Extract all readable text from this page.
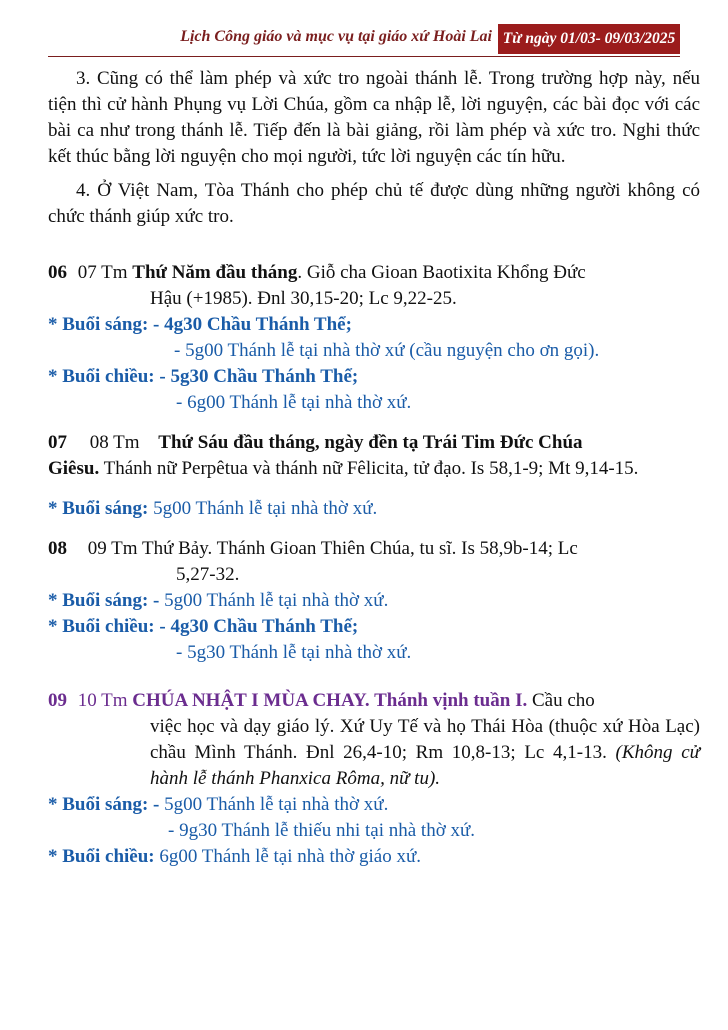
Lịch Công giáo và mục vụ tại giáo xứ Hoài Lai Từ ngày 01/03- 09/03/2025

3. Cũng có thể làm phép và xức tro ngoài thánh lễ. Trong trường hợp này, nếu tiện thì cử hành Phụng vụ Lời Chúa, gồm ca nhập lễ, lời nguyện, các bài đọc với các bài ca như trong thánh lễ. Tiếp đến là bài giảng, rồi làm phép và xức tro. Nghi thức kết thúc bằng lời nguyện cho mọi người, tức lời nguyện các tín hữu.

4. Ở Việt Nam, Tòa Thánh cho phép chủ tế được dùng những người không có chức thánh giúp xức tro.

06 07 Tm Thứ Năm đầu tháng. Giỗ cha Gioan Baotixita Khổng Đức

Hậu (+1985). Đnl 30,15-20; Lc 9,22-25.

* Buổi sáng: - 4g30 Chầu Thánh Thể;

- 5g00 Thánh lễ tại nhà thờ xứ (cầu nguyện cho ơn gọi).

* Buổi chiều: - 5g30 Chầu Thánh Thể;

- 6g00 Thánh lễ tại nhà thờ xứ.

07 08 Tm Thứ Sáu đầu tháng, ngày đền tạ Trái Tim Đức Chúa

Giêsu. Thánh nữ Perpêtua và thánh nữ Fêlicita, tử đạo. Is 58,1-9; Mt 9,14-15.

* Buổi sáng: 5g00 Thánh lễ tại nhà thờ xứ.

08 09 Tm Thứ Bảy. Thánh Gioan Thiên Chúa, tu sĩ. Is 58,9b-14; Lc

5,27-32.

* Buổi sáng: - 5g00 Thánh lễ tại nhà thờ xứ.

* Buổi chiều: - 4g30 Chầu Thánh Thể;

- 5g30 Thánh lễ tại nhà thờ xứ.

09 10 Tm CHÚA NHẬT I MÙA CHAY. Thánh vịnh tuần I. Cầu cho

việc học và dạy giáo lý. Xứ Uy Tế và họ Thái Hòa (thuộc xứ Hòa Lạc) chầu Mình Thánh. Đnl 26,4-10; Rm 10,8-13; Lc 4,1-13. (Không cử hành lễ thánh Phanxica Rôma, nữ tu).

* Buổi sáng: - 5g00 Thánh lễ tại nhà thờ xứ.

- 9g30 Thánh lễ thiếu nhi tại nhà thờ xứ.

* Buổi chiều: 6g00 Thánh lễ tại nhà thờ giáo xứ.
